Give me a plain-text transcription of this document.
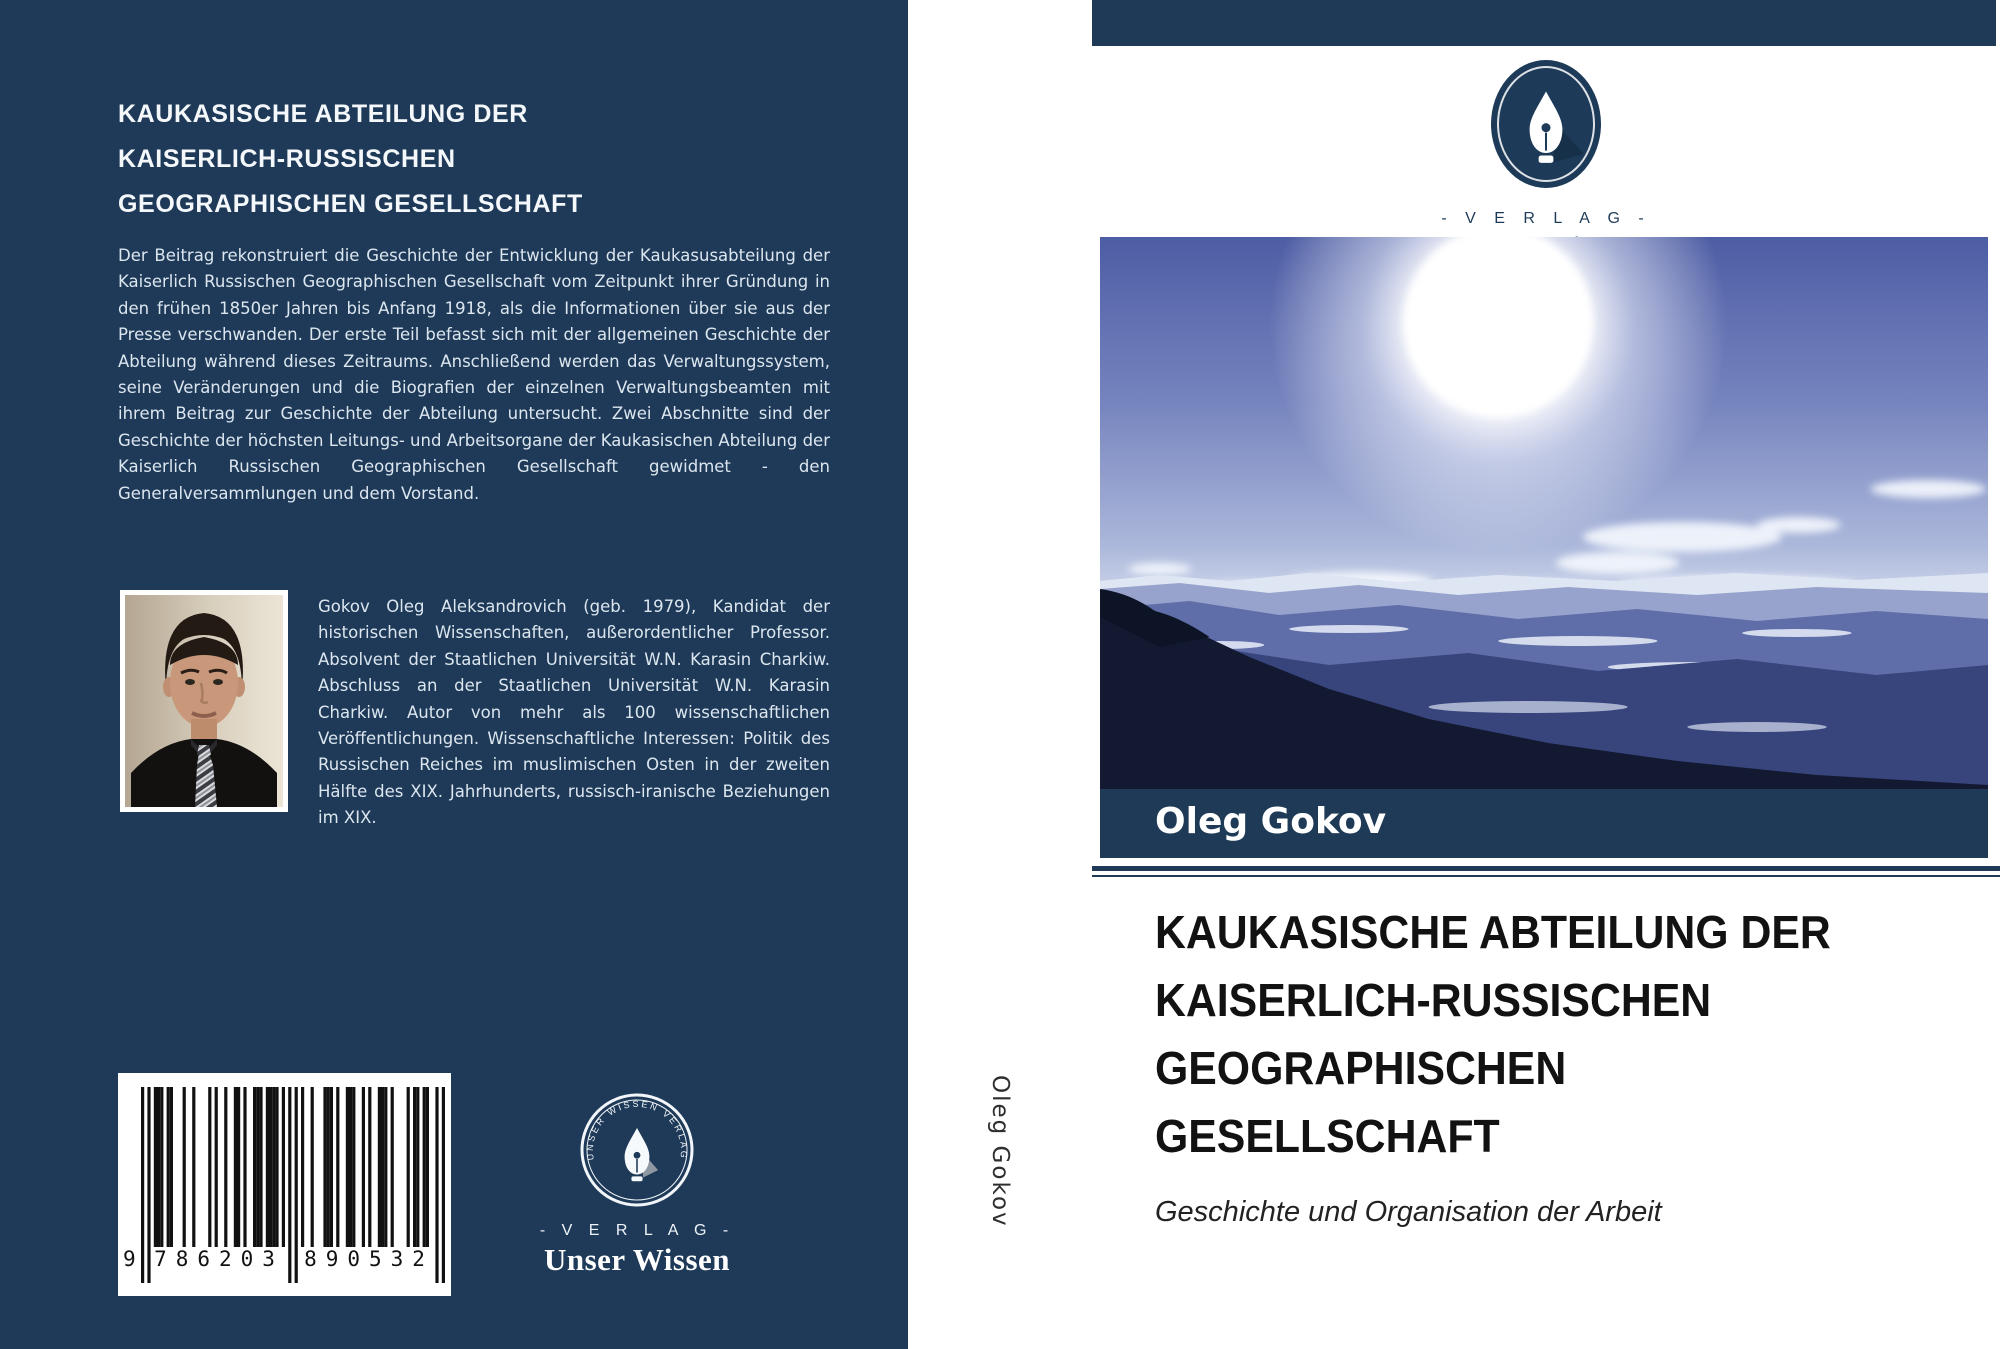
KAUKASISCHE ABTEILUNG DER
KAISERLICH-RUSSISCHEN
GEOGRAPHISCHEN GESELLSCHAFT
Der Beitrag rekonstruiert die Geschichte der Entwicklung der Kaukasusabteilung der Kaiserlich Russischen Geographischen Gesellschaft vom Zeitpunkt ihrer Gründung in den frühen 1850er Jahren bis Anfang 1918, als die Informationen über sie aus der Presse verschwanden. Der erste Teil befasst sich mit der allgemeinen Geschichte der Abteilung während dieses Zeitraums. Anschließend werden das Verwaltungssystem, seine Veränderungen und die Biografien der einzelnen Verwaltungsbeamten mit ihrem Beitrag zur Geschichte der Abteilung untersucht. Zwei Abschnitte sind der Geschichte der höchsten Leitungs- und Arbeitsorgane der Kaukasischen Abteilung der Kaiserlich Russischen Geographischen Gesellschaft gewidmet - den Generalversammlungen und dem Vorstand.
Gokov Oleg Aleksandrovich (geb. 1979), Kandidat der historischen Wissenschaften, außerordentlicher Professor. Absolvent der Staatlichen Universität W.N. Karasin Charkiw. Abschluss an der Staatlichen Universität W.N. Karasin Charkiw. Autor von mehr als 100 wissenschaftlichen Veröffentlichungen. Wissenschaftliche Interessen: Politik des Russischen Reiches im muslimischen Osten in der zweiten Hälfte des XIX. Jahrhunderts, russisch-iranische Beziehungen im XIX.
9 786203 890532
UNSER WISSEN VERLAG
- V E R L A G -
Unser Wissen
Oleg Gokov
- V E R L A G -
Oleg Gokov
KAUKASISCHE ABTEILUNG DER
KAISERLICH-RUSSISCHEN
GEOGRAPHISCHEN
GESELLSCHAFT
Geschichte und Organisation der Arbeit
